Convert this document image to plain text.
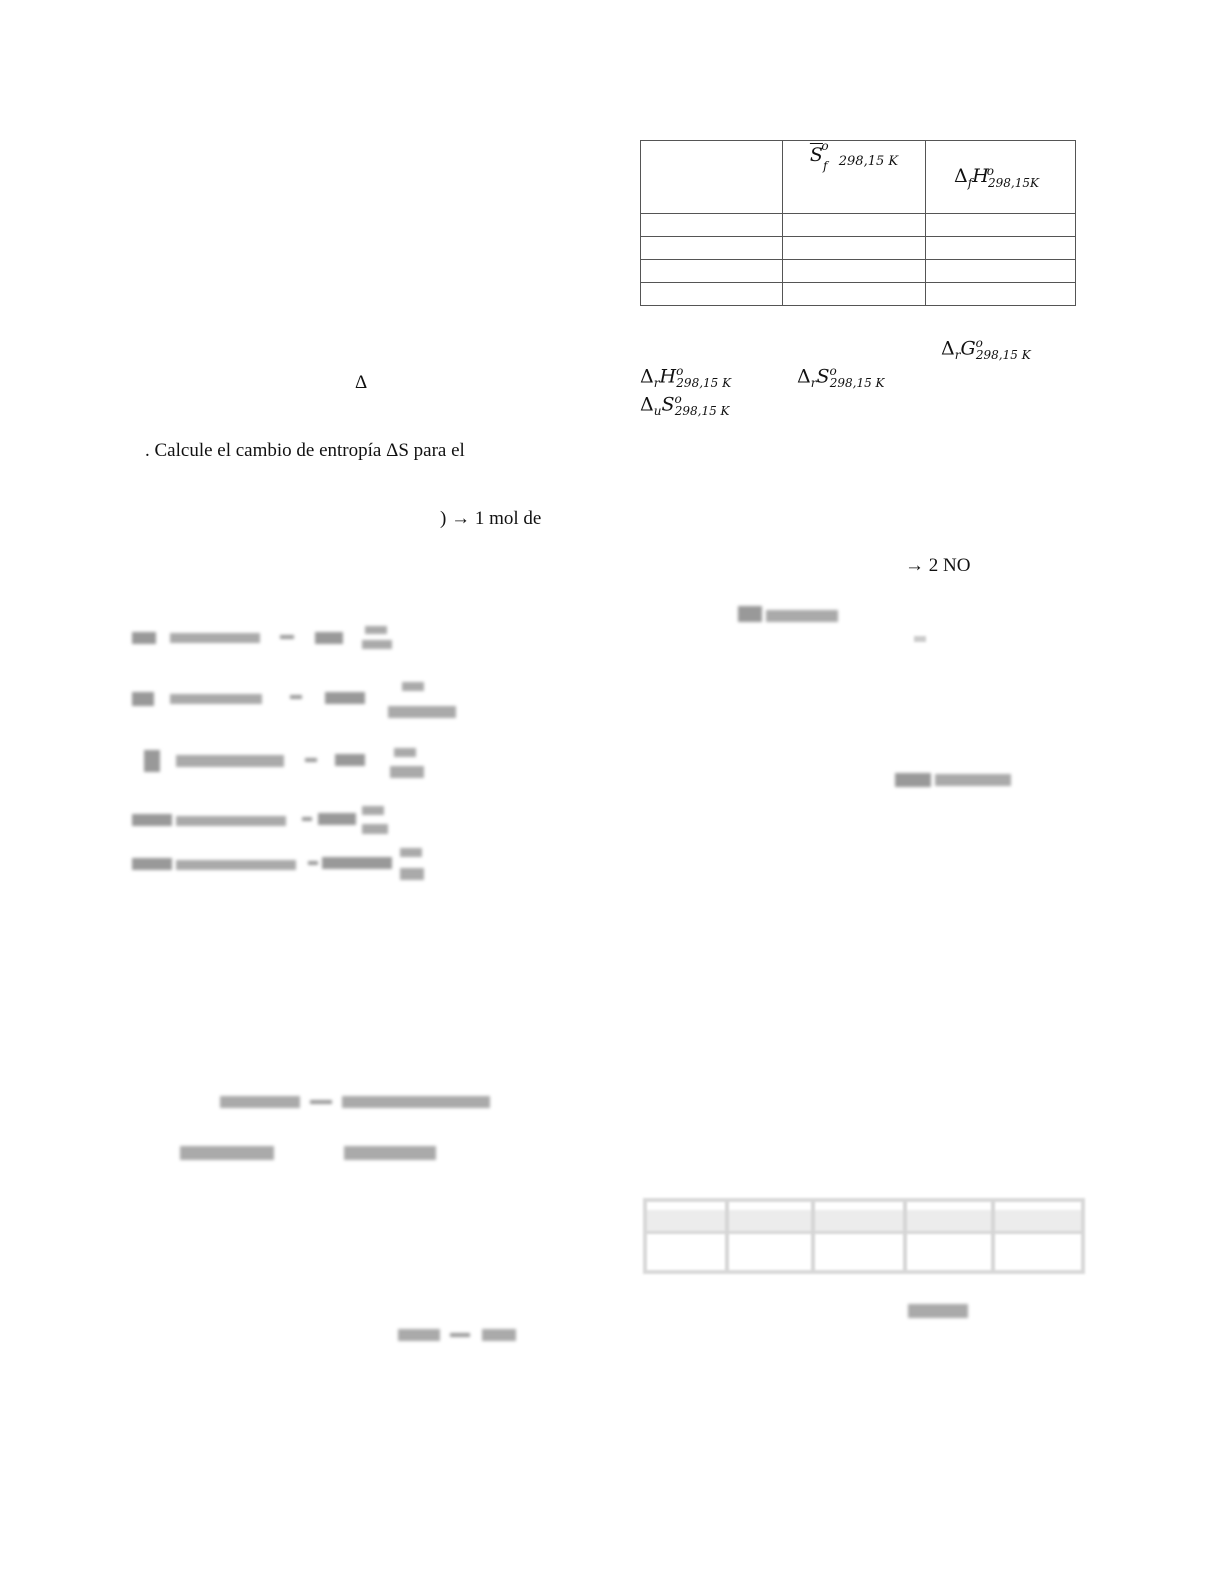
	$\overline{S}_f^o$ $_{298,15 K}$	$\Delta_fH^o_{298,15K}$

$\Delta_rG^o_{298,15 K}$
$\Delta_rH^o_{298,15 K}$	$\Delta_rS^o_{298,15 K}$
$\Delta_uS^o_{298,15 K}$
Δ
. Calcule el cambio de entropía ΔS para el
) → 1 mol de
→ 2 NO
